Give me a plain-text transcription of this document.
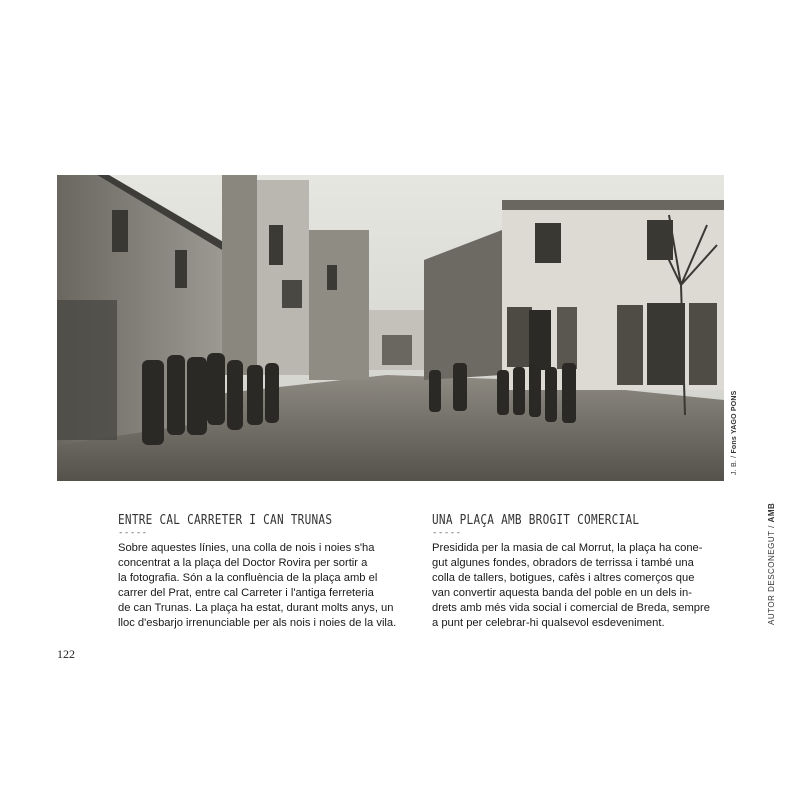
J. B. / Fons YAGO PONS
ENTRE CAL CARRETER I CAN TRUNAS
-----

Sobre aquestes línies, una colla de nois i noies s'ha
concentrat a la plaça del Doctor Rovira per sortir a
la fotografia. Són a la confluència de la plaça amb el
carrer del Prat, entre cal Carreter i l'antiga ferreteria
de can Trunas. La plaça ha estat, durant molts anys, un
lloc d'esbarjo irrenunciable per als nois i noies de la vila.

UNA PLAÇA AMB BROGIT COMERCIAL
-----

Presidida per la masia de cal Morrut, la plaça ha cone-
gut algunes fondes, obradors de terrissa i també una
colla de tallers, botigues, cafès i altres comerços que
van convertir aquesta banda del poble en un dels in-
drets amb més vida social i comercial de Breda, sempre
a punt per celebrar-hi qualsevol esdeveniment.	AUTOR DESCONEGUT / AMB
122
